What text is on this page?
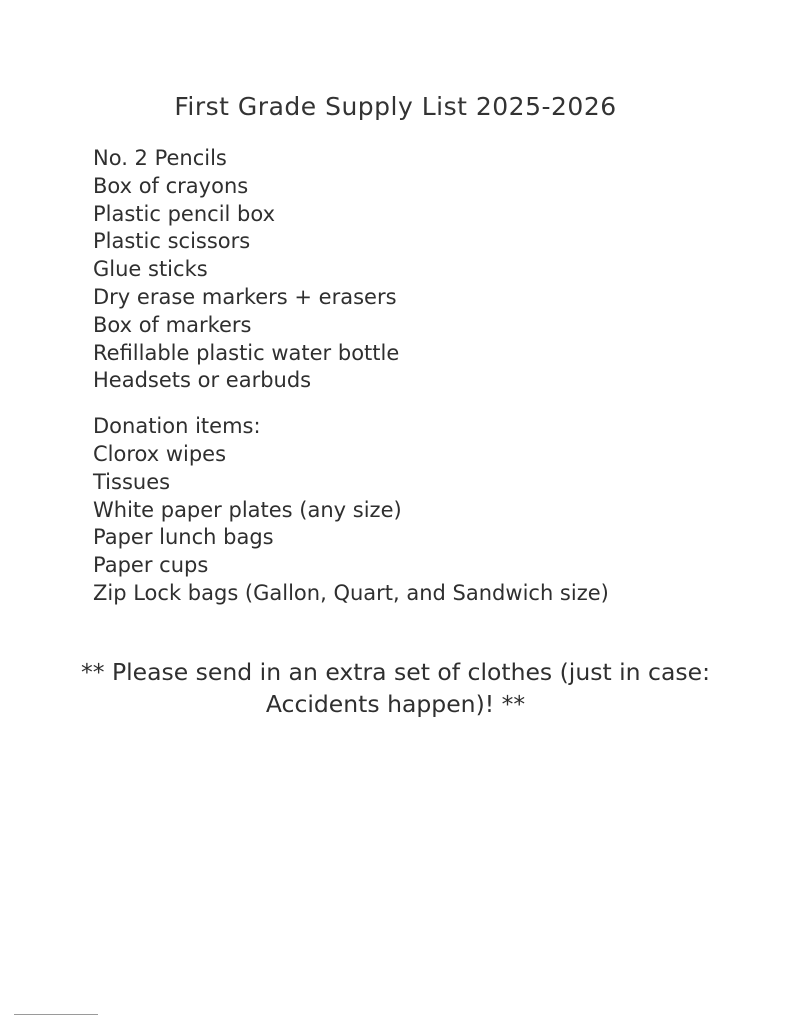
First Grade Supply List 2025-2026
No. 2 Pencils
Box of crayons
Plastic pencil box
Plastic scissors
Glue sticks
Dry erase markers + erasers
Box of markers
Refillable plastic water bottle
Headsets or earbuds
Donation items:
Clorox wipes
Tissues
White paper plates (any size)
Paper lunch bags
Paper cups
Zip Lock bags (Gallon, Quart, and Sandwich size)
** Please send in an extra set of clothes (just in case:
Accidents happen)! **
